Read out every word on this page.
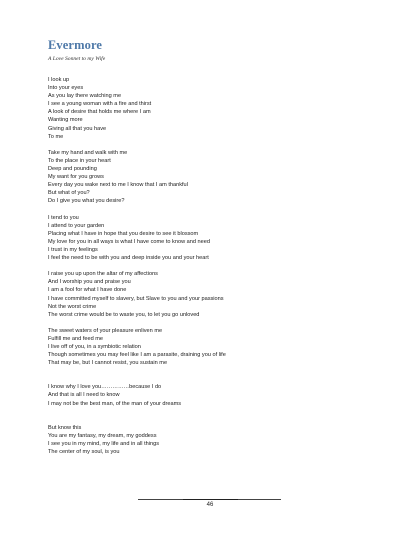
Evermore

A Love Sonnet to my Wife

I look up
Into your eyes
As you lay there watching me
I see a young woman with a fire and thirst
A look of desire that holds me where I am
Wanting more
Giving all that you have
To me
Take my hand and walk with me
To the place in your heart
Deep and pounding
My want for you grows
Every day you wake next to me I know that I am thankful
But what of you?
Do I give you what you desire?
I tend to you
I attend to your garden
Placing what I have in hope that you desire to see it blossom
My love for you in all ways is what I have come to know and need
I trust in my feelings
I feel the need to be with you and deep inside you and your heart
I raise you up upon the altar of my affections
And I worship you and praise you
I am a fool for what I have done
I have committed myself to slavery, but Slave to you and your passions
Not the worst crime
The worst crime would be to waste you, to let you go unloved
The sweet waters of your pleasure enliven me
Fulfill me and feed me
I live off of you, in a symbiotic relation
Though sometimes you may feel like I am a parasite, draining you of life
That may be, but I cannot resist, you sustain me
I know why I love you……………because I do
And that is all I need to know
I may not be the best man, of the man of your dreams
But know this
You are my fantasy, my dream, my goddess
I see you in my mind, my life and in all things
The center of my soul, is you
46
